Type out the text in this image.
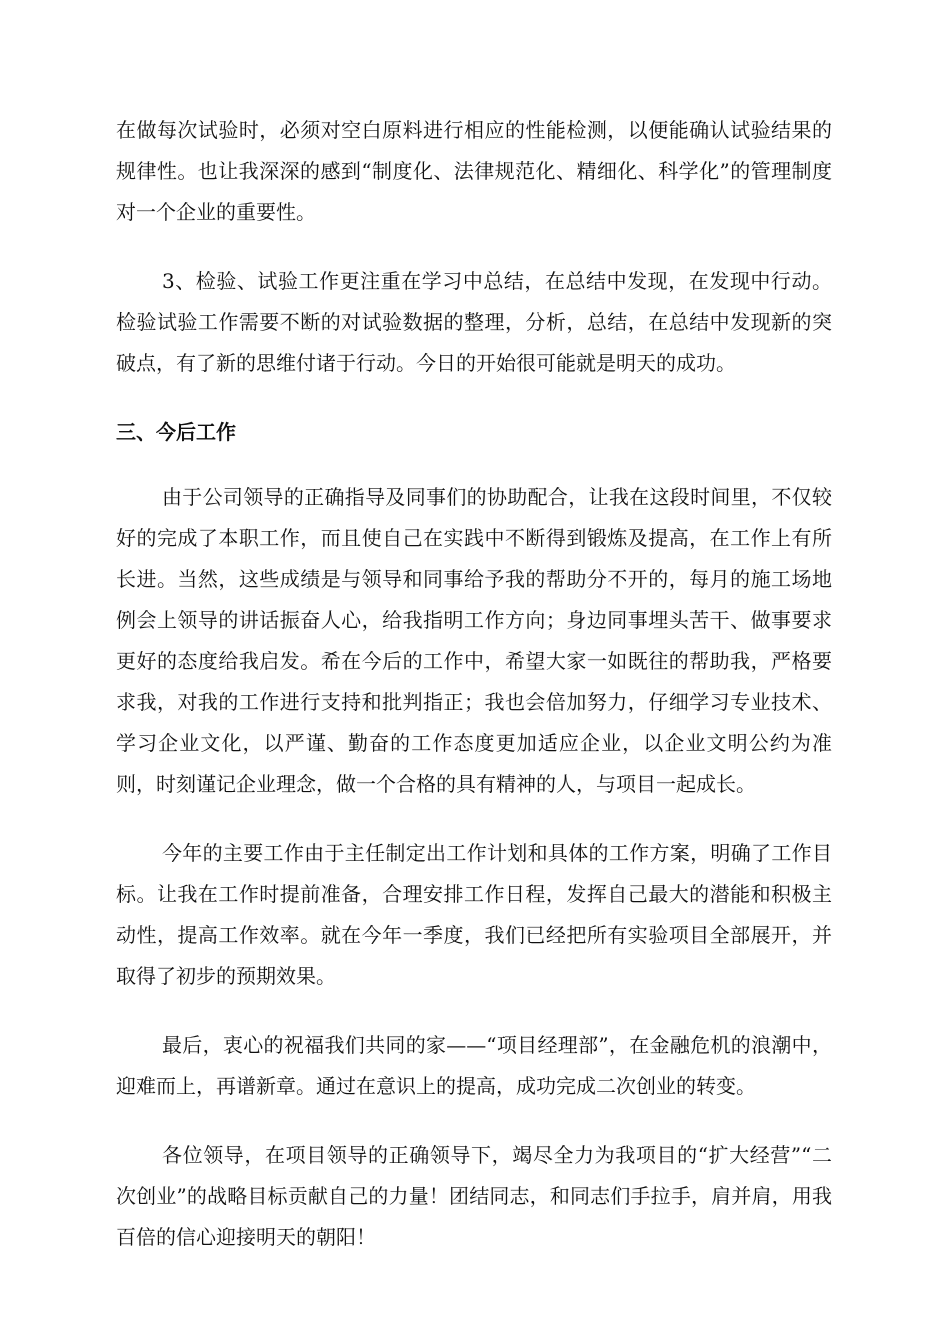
在做每次试验时，必须对空白原料进行相应的性能检测，以便能确认试验结果的规律性。也让我深深的感到“制度化、法律规范化、精细化、科学化”的管理制度对一个企业的重要性。

3、检验、试验工作更注重在学习中总结，在总结中发现，在发现中行动。检验试验工作需要不断的对试验数据的整理，分析，总结，在总结中发现新的突破点，有了新的思维付诸于行动。今日的开始很可能就是明天的成功。

三、今后工作

由于公司领导的正确指导及同事们的协助配合，让我在这段时间里，不仅较好的完成了本职工作，而且使自己在实践中不断得到锻炼及提高，在工作上有所长进。当然，这些成绩是与领导和同事给予我的帮助分不开的，每月的施工场地例会上领导的讲话振奋人心，给我指明工作方向；身边同事埋头苦干、做事要求更好的态度给我启发。希在今后的工作中，希望大家一如既往的帮助我，严格要求我，对我的工作进行支持和批判指正；我也会倍加努力，仔细学习专业技术、学习企业文化，以严谨、勤奋的工作态度更加适应企业，以企业文明公约为准则，时刻谨记企业理念，做一个合格的具有精神的人，与项目一起成长。

今年的主要工作由于主任制定出工作计划和具体的工作方案，明确了工作目标。让我在工作时提前准备，合理安排工作日程，发挥自己最大的潜能和积极主动性，提高工作效率。就在今年一季度，我们已经把所有实验项目全部展开，并取得了初步的预期效果。

最后，衷心的祝福我们共同的家——“项目经理部”，在金融危机的浪潮中，迎难而上，再谱新章。通过在意识上的提高，成功完成二次创业的转变。

各位领导，在项目领导的正确领导下，竭尽全力为我项目的“扩大经营”“二次创业”的战略目标贡献自己的力量！团结同志，和同志们手拉手，肩并肩，用我百倍的信心迎接明天的朝阳！
